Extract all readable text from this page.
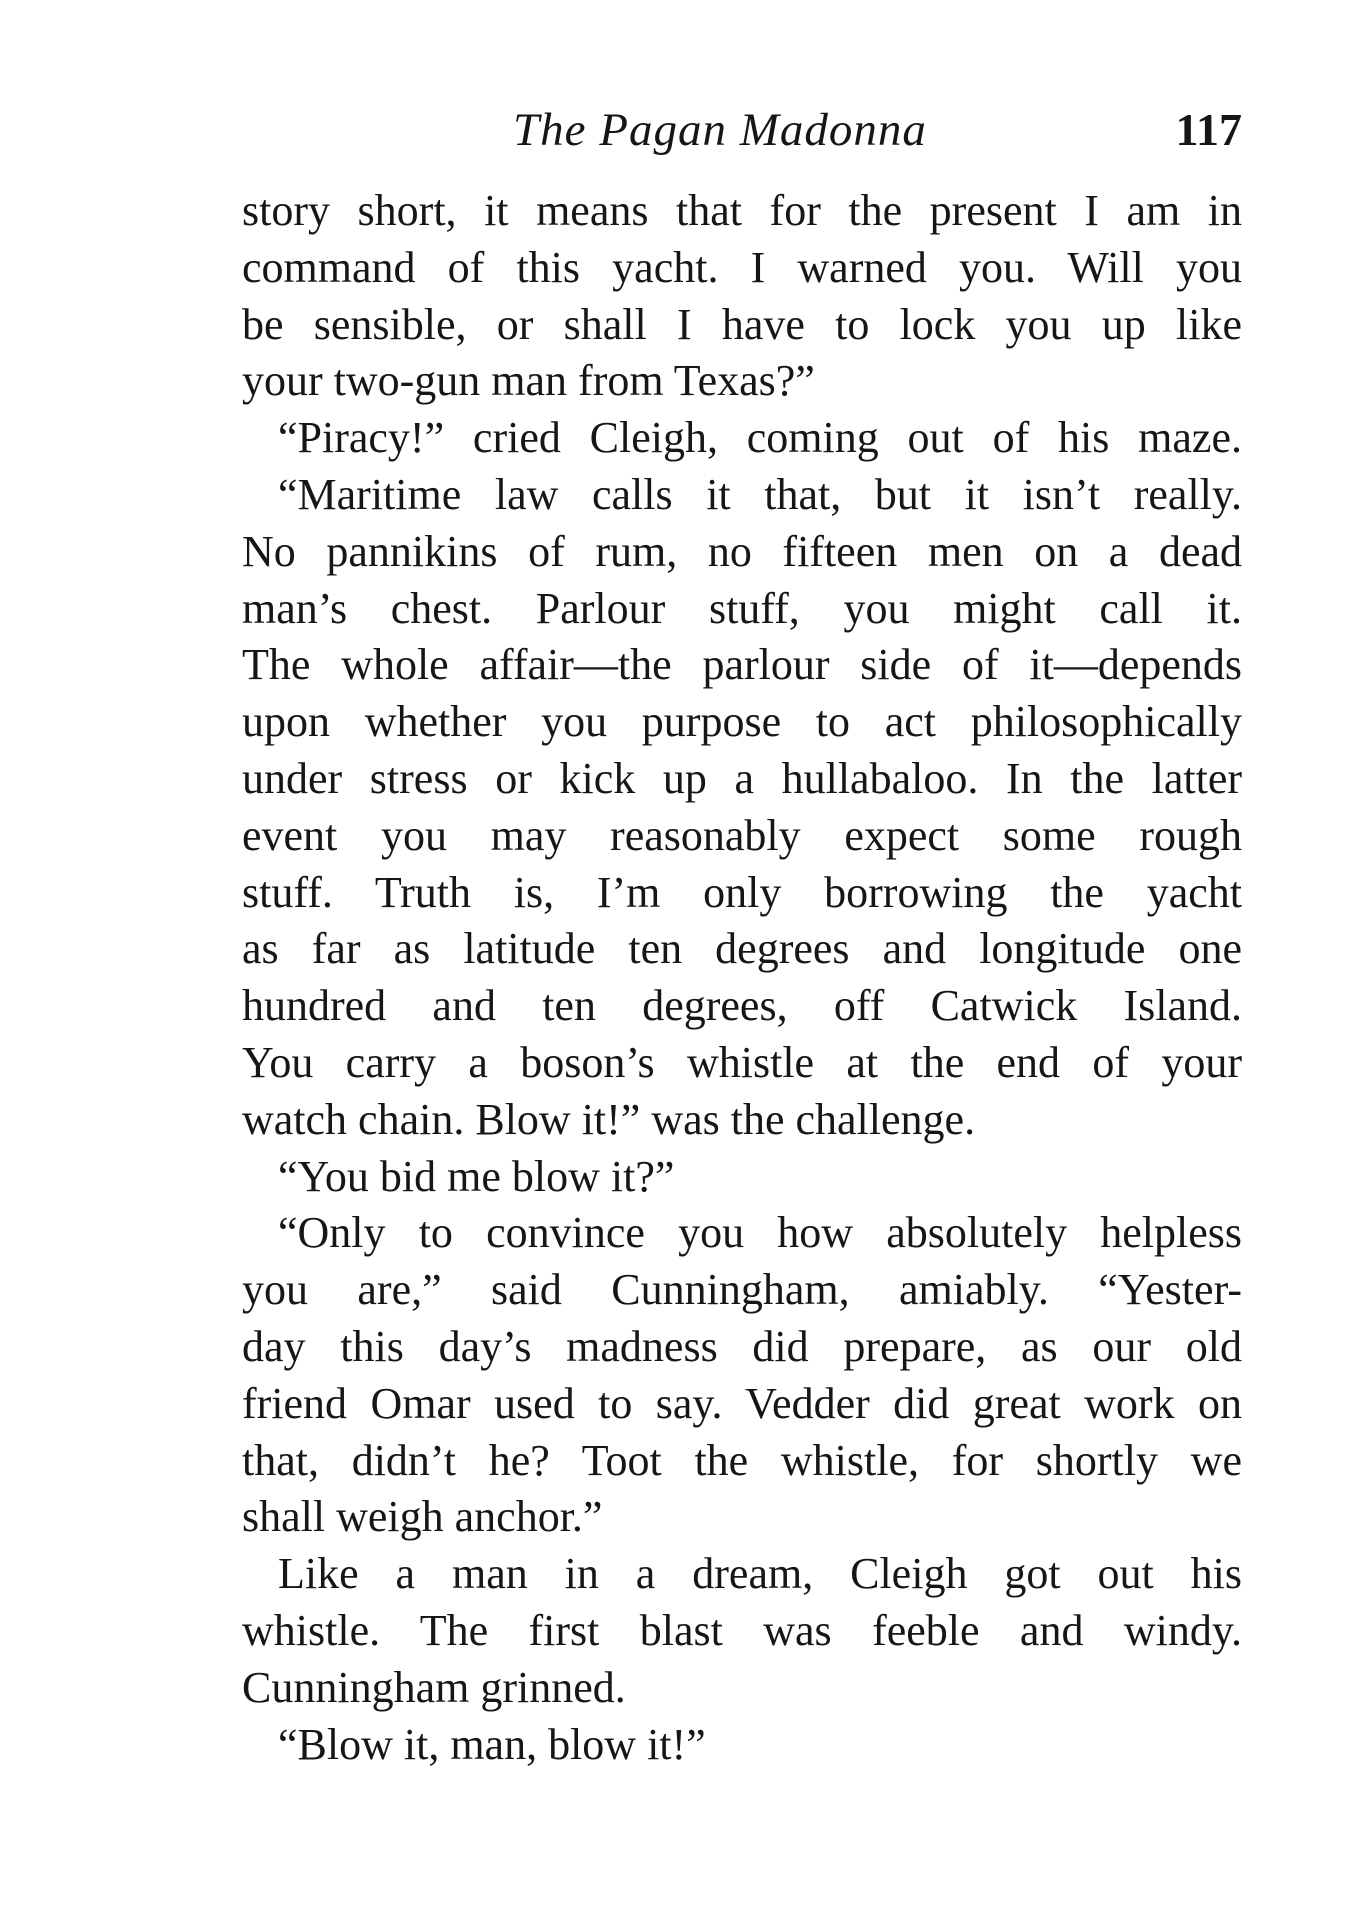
The Pagan Madonna	117
story short, it means that for the present I am in
command of this yacht. I warned you. Will you
be sensible, or shall I have to lock you up like
your two-gun man from Texas?”
“Piracy!” cried Cleigh, coming out of his maze.
“Maritime law calls it that, but it isn’t really.
No pannikins of rum, no fifteen men on a dead
man’s chest. Parlour stuff, you might call it.
The whole affair—the parlour side of it—depends
upon whether you purpose to act philosophically
under stress or kick up a hullabaloo. In the latter
event you may reasonably expect some rough
stuff. Truth is, I’m only borrowing the yacht
as far as latitude ten degrees and longitude one
hundred and ten degrees, off Catwick Island.
You carry a boson’s whistle at the end of your
watch chain. Blow it!” was the challenge.
“You bid me blow it?”
“Only to convince you how absolutely helpless
you are,” said Cunningham, amiably. “Yester-
day this day’s madness did prepare, as our old
friend Omar used to say. Vedder did great work on
that, didn’t he? Toot the whistle, for shortly we
shall weigh anchor.”
Like a man in a dream, Cleigh got out his
whistle. The first blast was feeble and windy.
Cunningham grinned.
“Blow it, man, blow it!”
